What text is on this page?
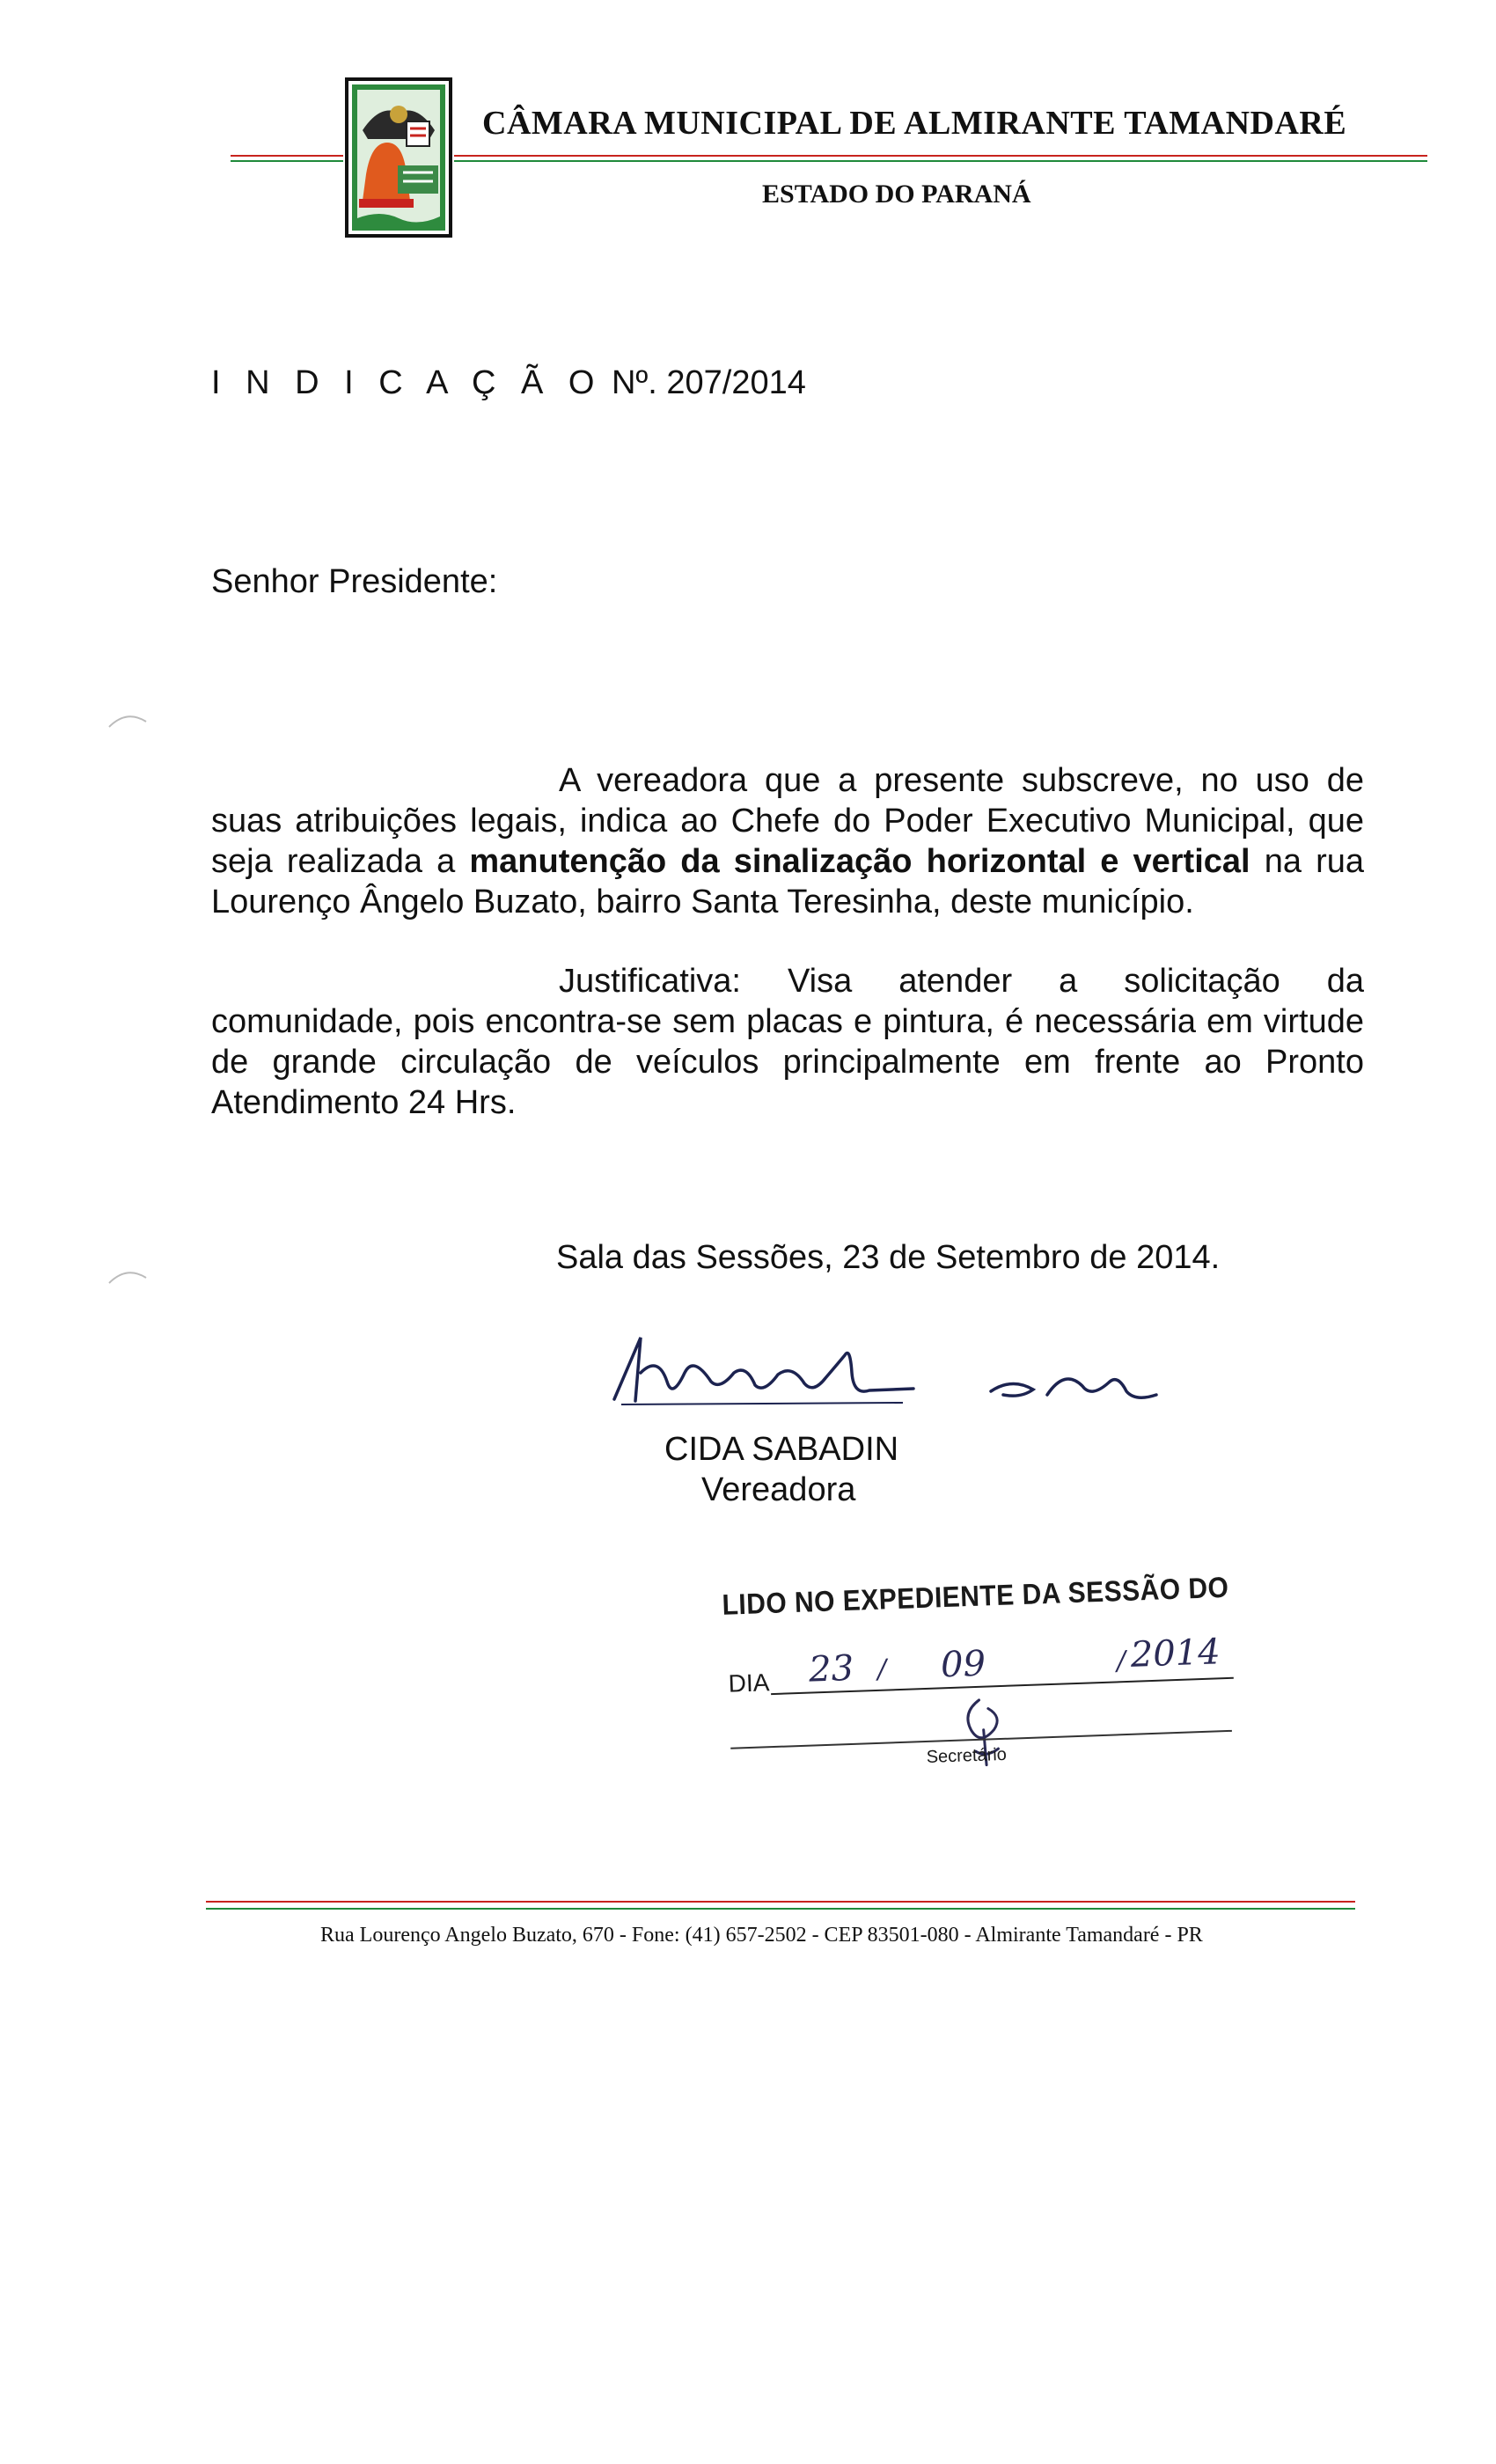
CÂMARA MUNICIPAL DE ALMIRANTE TAMANDARÉ
ESTADO DO PARANÁ
I N D I C A Ç Ã O Nº. 207/2014
Senhor Presidente:

A vereadora que a presente subscreve, no uso de suas atribuições legais, indica ao Chefe do Poder Executivo Municipal, que seja realizada a manutenção da sinalização horizontal e vertical na rua Lourenço Ângelo Buzato, bairro Santa Teresinha, deste município.

Justificativa: Visa atender a solicitação da comunidade, pois encontra-se sem placas e pintura, é necessária em virtude de grande circulação de veículos principalmente em frente ao Pronto Atendimento 24 Hrs.

Sala das Sessões, 23 de Setembro de 2014.
CIDA SABADIN
Vereadora
LIDO NO EXPEDIENTE DA SESSÃO DO
DIA 23 / 09	/ 2014
Secretário
Rua Lourenço Angelo Buzato, 670 - Fone: (41) 657-2502 - CEP 83501-080 - Almirante Tamandaré - PR
